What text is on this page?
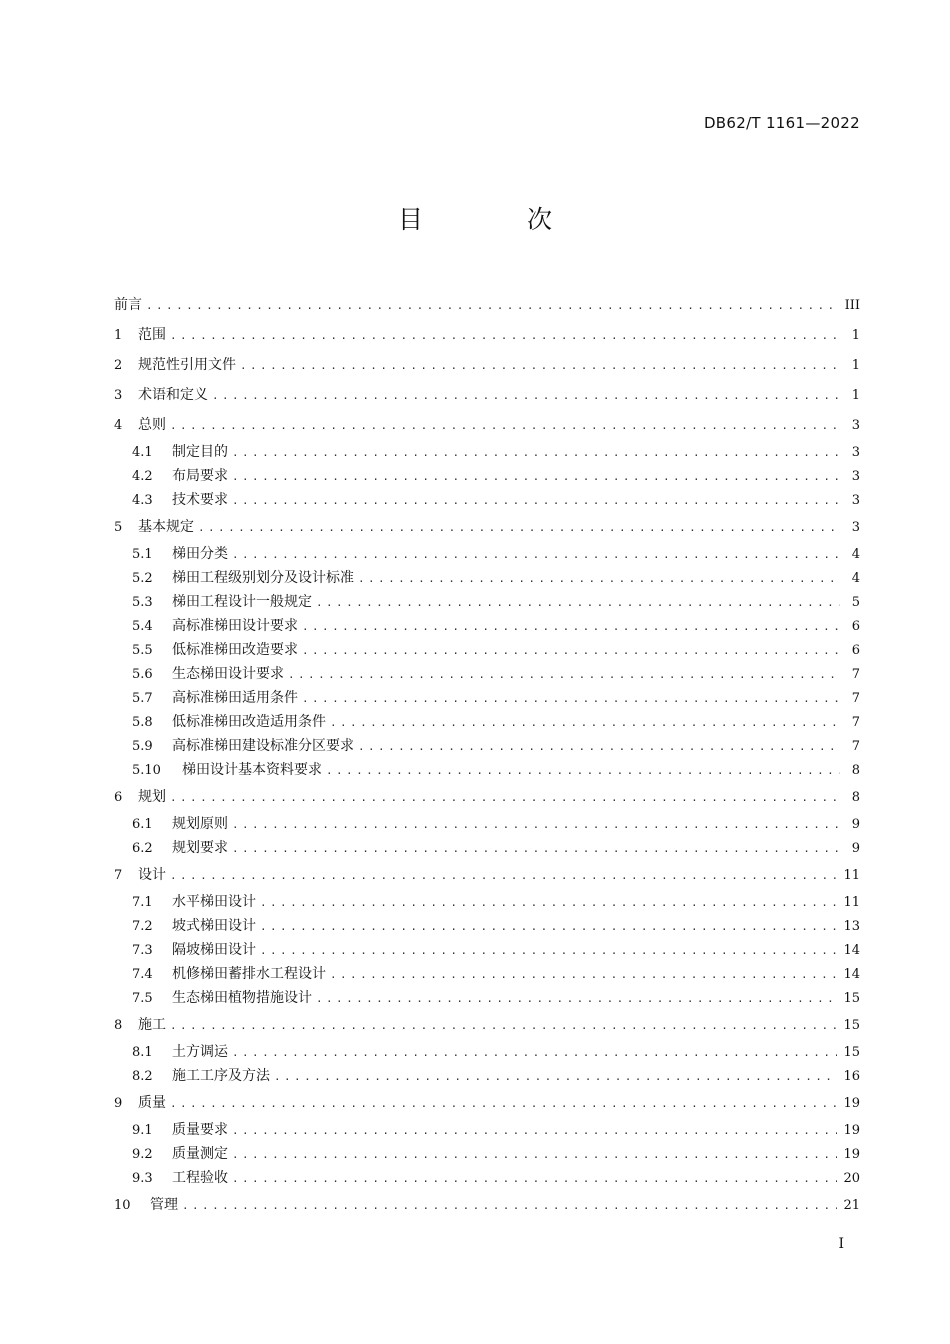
DB62/T 1161—2022
目 次
前言 .....	III
1	范围 .....	1
2	规范性引用文件 .....	1
3	术语和定义 .....	1
4	总则 .....	3
4.1	制定目的 .....	3
4.2	布局要求 .....	3
4.3	技术要求 .....	3
5	基本规定 .....	3
5.1	梯田分类 .....	4
5.2	梯田工程级别划分及设计标准 .....	4
5.3	梯田工程设计一般规定 .....	5
5.4	高标准梯田设计要求 .....	6
5.5	低标准梯田改造要求 .....	6
5.6	生态梯田设计要求 .....	7
5.7	高标准梯田适用条件 .....	7
5.8	低标准梯田改造适用条件 .....	7
5.9	高标准梯田建设标准分区要求 .....	7
5.10	梯田设计基本资料要求 .....	8
6	规划 .....	8
6.1	规划原则 .....	9
6.2	规划要求 .....	9
7	设计 .....	11
7.1	水平梯田设计 .....	11
7.2	坡式梯田设计 .....	13
7.3	隔坡梯田设计 .....	14
7.4	机修梯田蓄排水工程设计 .....	14
7.5	生态梯田植物措施设计 .....	15
8	施工 .....	15
8.1	土方调运 .....	15
8.2	施工工序及方法 .....	16
9	质量 .....	19
9.1	质量要求 .....	19
9.2	质量测定 .....	19
9.3	工程验收 .....	20
10	管理 .....	21
I
